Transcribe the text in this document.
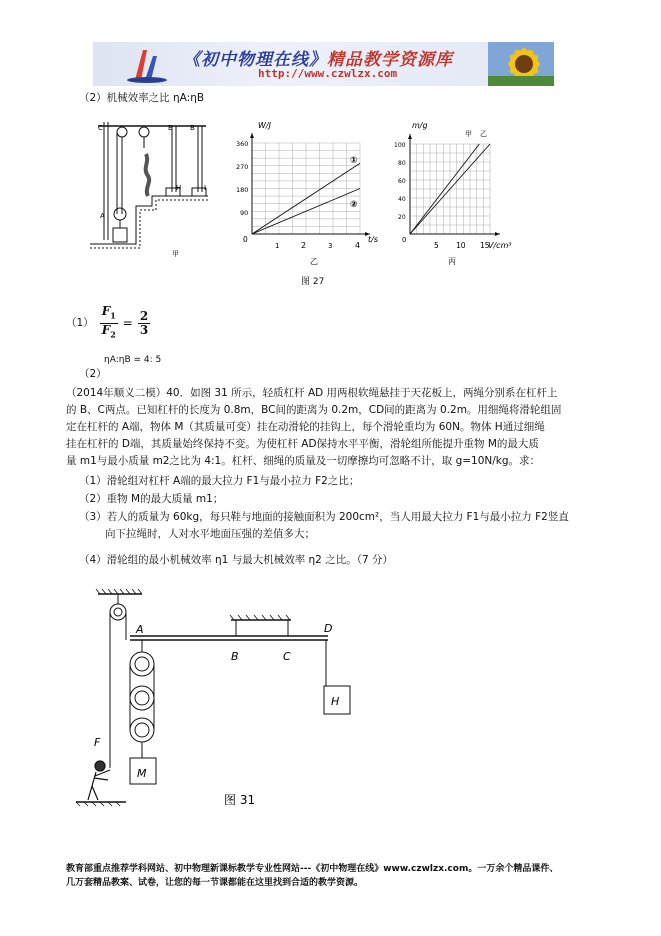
《初中物理在线》精品教学资源库
http://www.czwlzx.com
（2）机械效率之比 ηA:ηB
C	E
H	I
B
A
甲
W/J
t/s
360
270
180
90
0
2	4
1	3
①
②
乙
m/g
V/cm³
100
80
60
40
20
0
5 10 15
甲 乙
丙
图 27
$(1) \frac{F_1}{F_2} = \frac{2}{3}$
ηA:ηB = 4: 5
（2）
（2014年顺义二模）40．如图 31 所示，轻质杠杆 AD 用两根软绳悬挂于天花板上，两绳分别系在杠杆上
的 B、C两点。已知杠杆的长度为 0.8m，BC间的距离为 0.2m，CD间的距离为 0.2m。用细绳将滑轮组固
定在杠杆的 A端，物体 M（其质量可变）挂在动滑轮的挂钩上，每个滑轮重均为 60N。物体 H通过细绳
挂在杠杆的 D端，其质量始终保持不变。为使杠杆 AD保持水平平衡，滑轮组所能提升重物 M的最大质
量 m1与最小质量 m2之比为 4:1。杠杆、细绳的质量及一切摩擦均可忽略不计，取 g=10N/kg。求：
（1）滑轮组对杠杆 A端的最大拉力 F1与最小拉力 F2之比；
（2）重物 M的最大质量 m1；
（3）若人的质量为 60kg，每只鞋与地面的接触面积为 200cm²，当人用最大拉力 F1与最小拉力 F2竖直
向下拉绳时，人对水平地面压强的差值多大；
（4）滑轮组的最小机械效率 η1 与最大机械效率 η2 之比。（7 分）
A
B	C
D
H
M
F
图 31
教育部重点推荐学科网站、初中物理新课标教学专业性网站---《初中物理在线》www.czwlzx.com。一万余个精品课件、
几万套精品教案、试卷，让您的每一节课都能在这里找到合适的教学资源。
